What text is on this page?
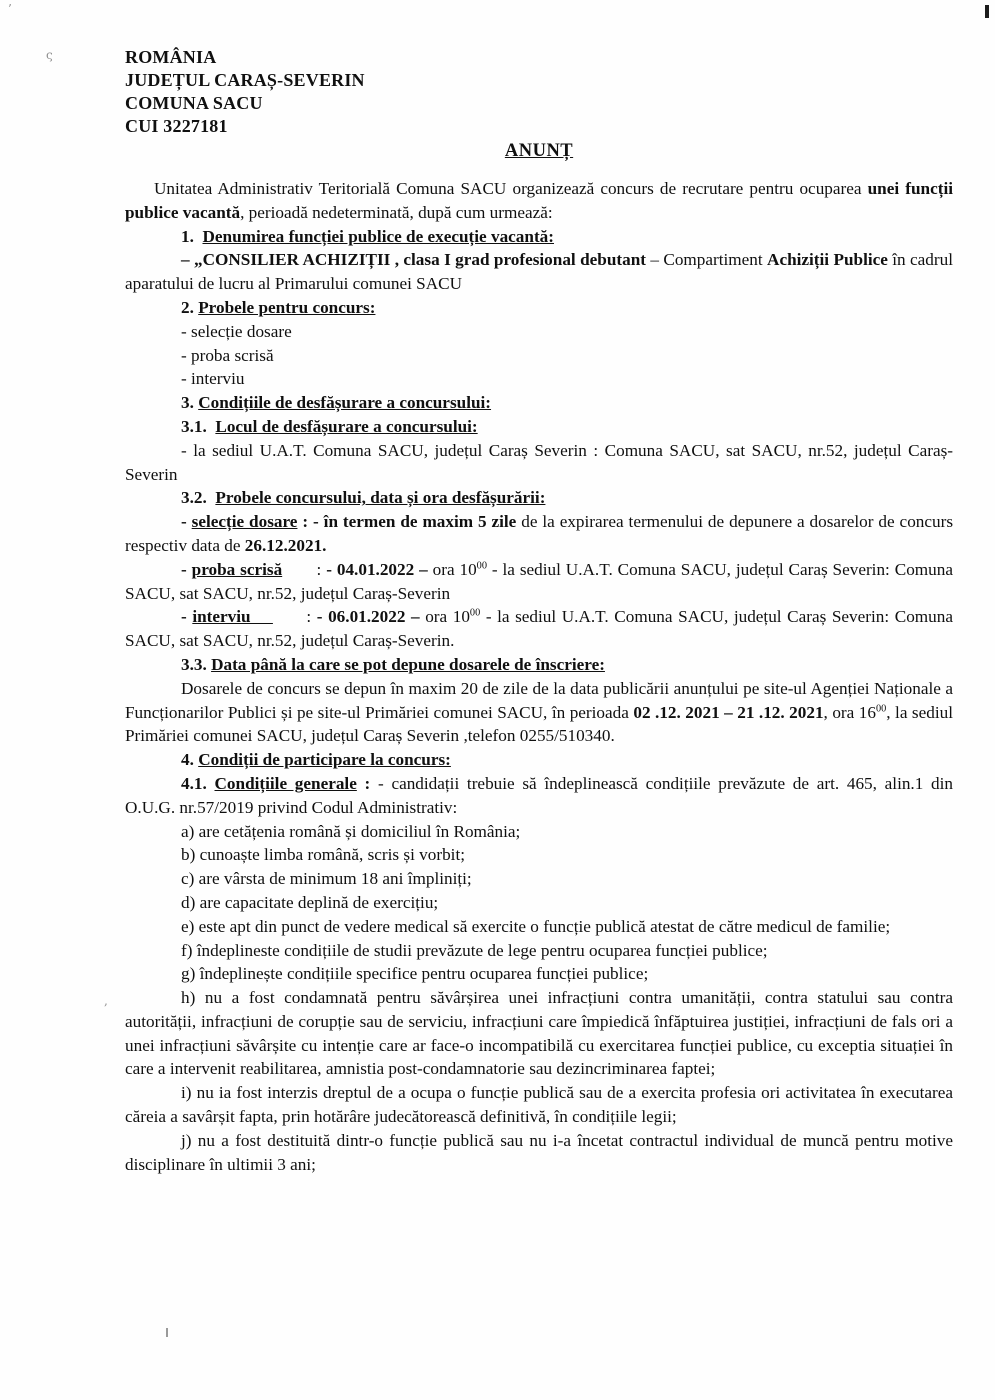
ROMÂNIA

JUDEȚUL CARAȘ-SEVERIN

COMUNA SACU

CUI 3227181

ANUNȚ

Unitatea Administrativ Teritorială Comuna SACU organizează concurs de recrutare pentru ocuparea unei funcții publice vacantă, perioadă nedeterminată, după cum urmează:

1.  Denumirea funcției publice de execuție vacantă:

– „CONSILIER ACHIZIȚII , clasa I grad profesional debutant – Compartiment Achiziții Publice în cadrul aparatului de lucru al Primarului comunei SACU

2. Probele pentru concurs:

- selecție dosare

- proba scrisă

- interviu

3. Condițiile de desfășurare a concursului:

3.1.  Locul de desfășurare a concursului:

- la sediul U.A.T. Comuna SACU, județul Caraș Severin : Comuna SACU, sat SACU, nr.52, județul Caraș-Severin

3.2.  Probele concursului, data și ora desfășurării:

- selecție dosare : - în termen de maxim 5 zile de la expirarea termenului de depunere a dosarelor de concurs respectiv data de 26.12.2021.

- proba scrisă       : - 04.01.2022 – ora $10^{00}$ - la sediul U.A.T. Comuna SACU, județul Caraș Severin: Comuna SACU, sat SACU, nr.52, județul Caraș-Severin

- interviu          : - 06.01.2022 – ora $10^{00}$ - la sediul U.A.T. Comuna SACU, județul Caraș Severin: Comuna SACU, sat SACU, nr.52, județul Caraș-Severin.

3.3. Data până la care se pot depune dosarele de înscriere:

Dosarele de concurs se depun în maxim 20 de zile de la data publicării anunțului pe site-ul Agenției Naționale a Funcționarilor Publici și pe site-ul Primăriei comunei SACU, în perioada 02 .12. 2021 – 21 .12. 2021, ora $16^{00}$, la sediul Primăriei comunei SACU, județul Caraș Severin ,telefon 0255/510340.

4. Condiții de participare la concurs:

4.1. Condițiile generale : - candidații trebuie să îndeplinească condițiile prevăzute de art. 465, alin.1 din O.U.G. nr.57/2019 privind Codul Administrativ:

a) are cetățenia română și domiciliul în România;

b) cunoaște limba română, scris și vorbit;

c) are vârsta de minimum 18 ani împliniți;

d) are capacitate deplină de exercițiu;

e) este apt din punct de vedere medical să exercite o funcție publică atestat de către medicul de familie;

f) îndeplineste condițiile de studii prevăzute de lege pentru ocuparea funcției publice;

g) îndeplinește condițiile specifice pentru ocuparea funcției publice;

h) nu a fost condamnată pentru săvârșirea unei infracțiuni contra umanității, contra statului sau contra autorității, infracțiuni de corupție sau de serviciu, infracțiuni care împiedică înfăptuirea justiției, infracțiuni de fals ori a unei infracțiuni săvârșite cu intenție care ar face-o incompatibilă cu exercitarea funcției publice, cu exceptia situației în care a intervenit reabilitarea, amnistia post-condamnatorie sau dezincriminarea faptei;

i) nu ia fost interzis dreptul de a ocupa o funcție publică sau de a exercita profesia ori activitatea în executarea căreia a savârșit fapta, prin hotărâre judecătorească definitivă, în condițiile legii;

j) nu a fost destituită dintr-o funcție publică sau nu i-a încetat contractul individual de muncă pentru motive disciplinare în ultimii 3 ani;

ς
’
,
